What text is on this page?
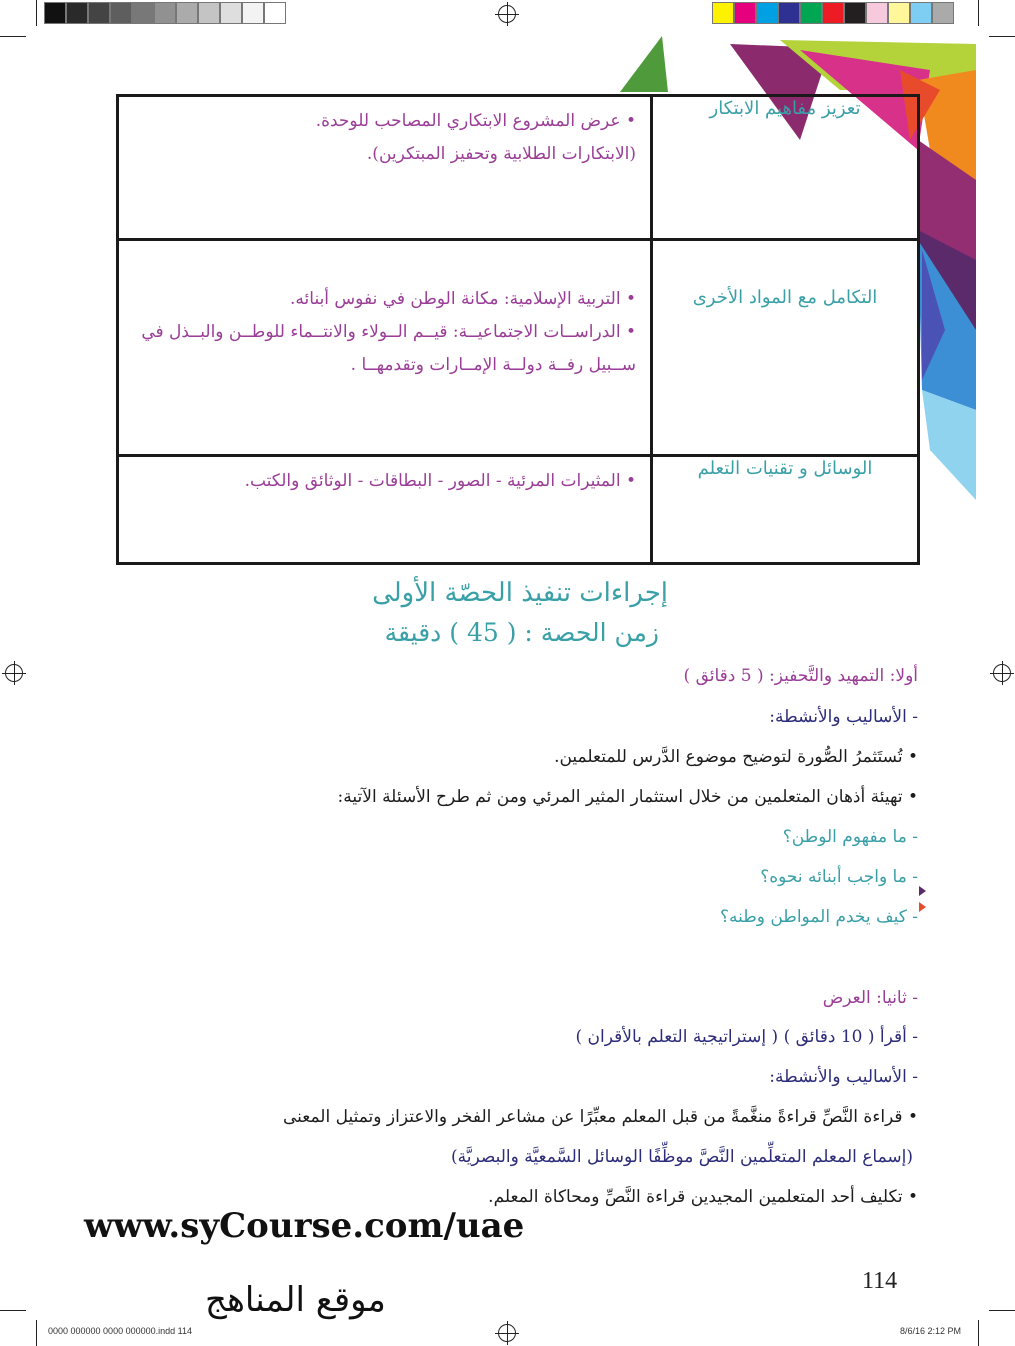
تعزيز مفاهيم الابتكار	• عرض المشروع الابتكاري المصاحب للوحدة.

(الابتكارات الطلابية وتحفيز المبتكرين).

التكامل مع المواد الأخرى	• التربية الإسلامية: مكانة الوطن في نفوس أبنائه.

• الدراســات الاجتماعيــة: قيــم الــولاء والانتــماء للوطــن والبــذل في

ســبيل رفــة دولــة الإمــارات وتقدمهــا .

الوسائل و تقنيات التعلم	• المثيرات المرئية - الصور - البطاقات - الوثائق والكتب.

إجراءات تنفيذ الحصّة الأولى
زمن الحصة : ( 45 ) دقيقة
أولا: التمهيد والتَّحفيز: ( 5 دقائق )
- الأساليب والأنشطة:
• تُستَثمرُ الصُّورة لتوضيح موضوع الدَّرس للمتعلمين.
• تهيئة أذهان المتعلمين من خلال استثمار المثير المرئي ومن ثم طرح الأسئلة الآتية:
- ما مفهوم الوطن؟
- ما واجب أبنائه نحوه؟
- كيف يخدم المواطن وطنه؟
- ثانيا: العرض
- أقرأ ( 10 دقائق ) ( إستراتيجية التعلم بالأقران )
- الأساليب والأنشطة:
• قراءة النَّصِّ قراءةً منغَّمةً من قبل المعلم معبِّرًا عن مشاعر الفخر والاعتزاز وتمثيل المعنى
(إسماع المعلم المتعلِّمين النَّصَّ موظِّفًا الوسائل السَّمعيَّة والبصريَّة)
• تكليف أحد المتعلمين المجيدين قراءة النَّصِّ ومحاكاة المعلم.
www.syCourse.com/uae
114
موقع المناهج
0000 000000 0000 000000.indd 114	8/6/16 2:12 PM
